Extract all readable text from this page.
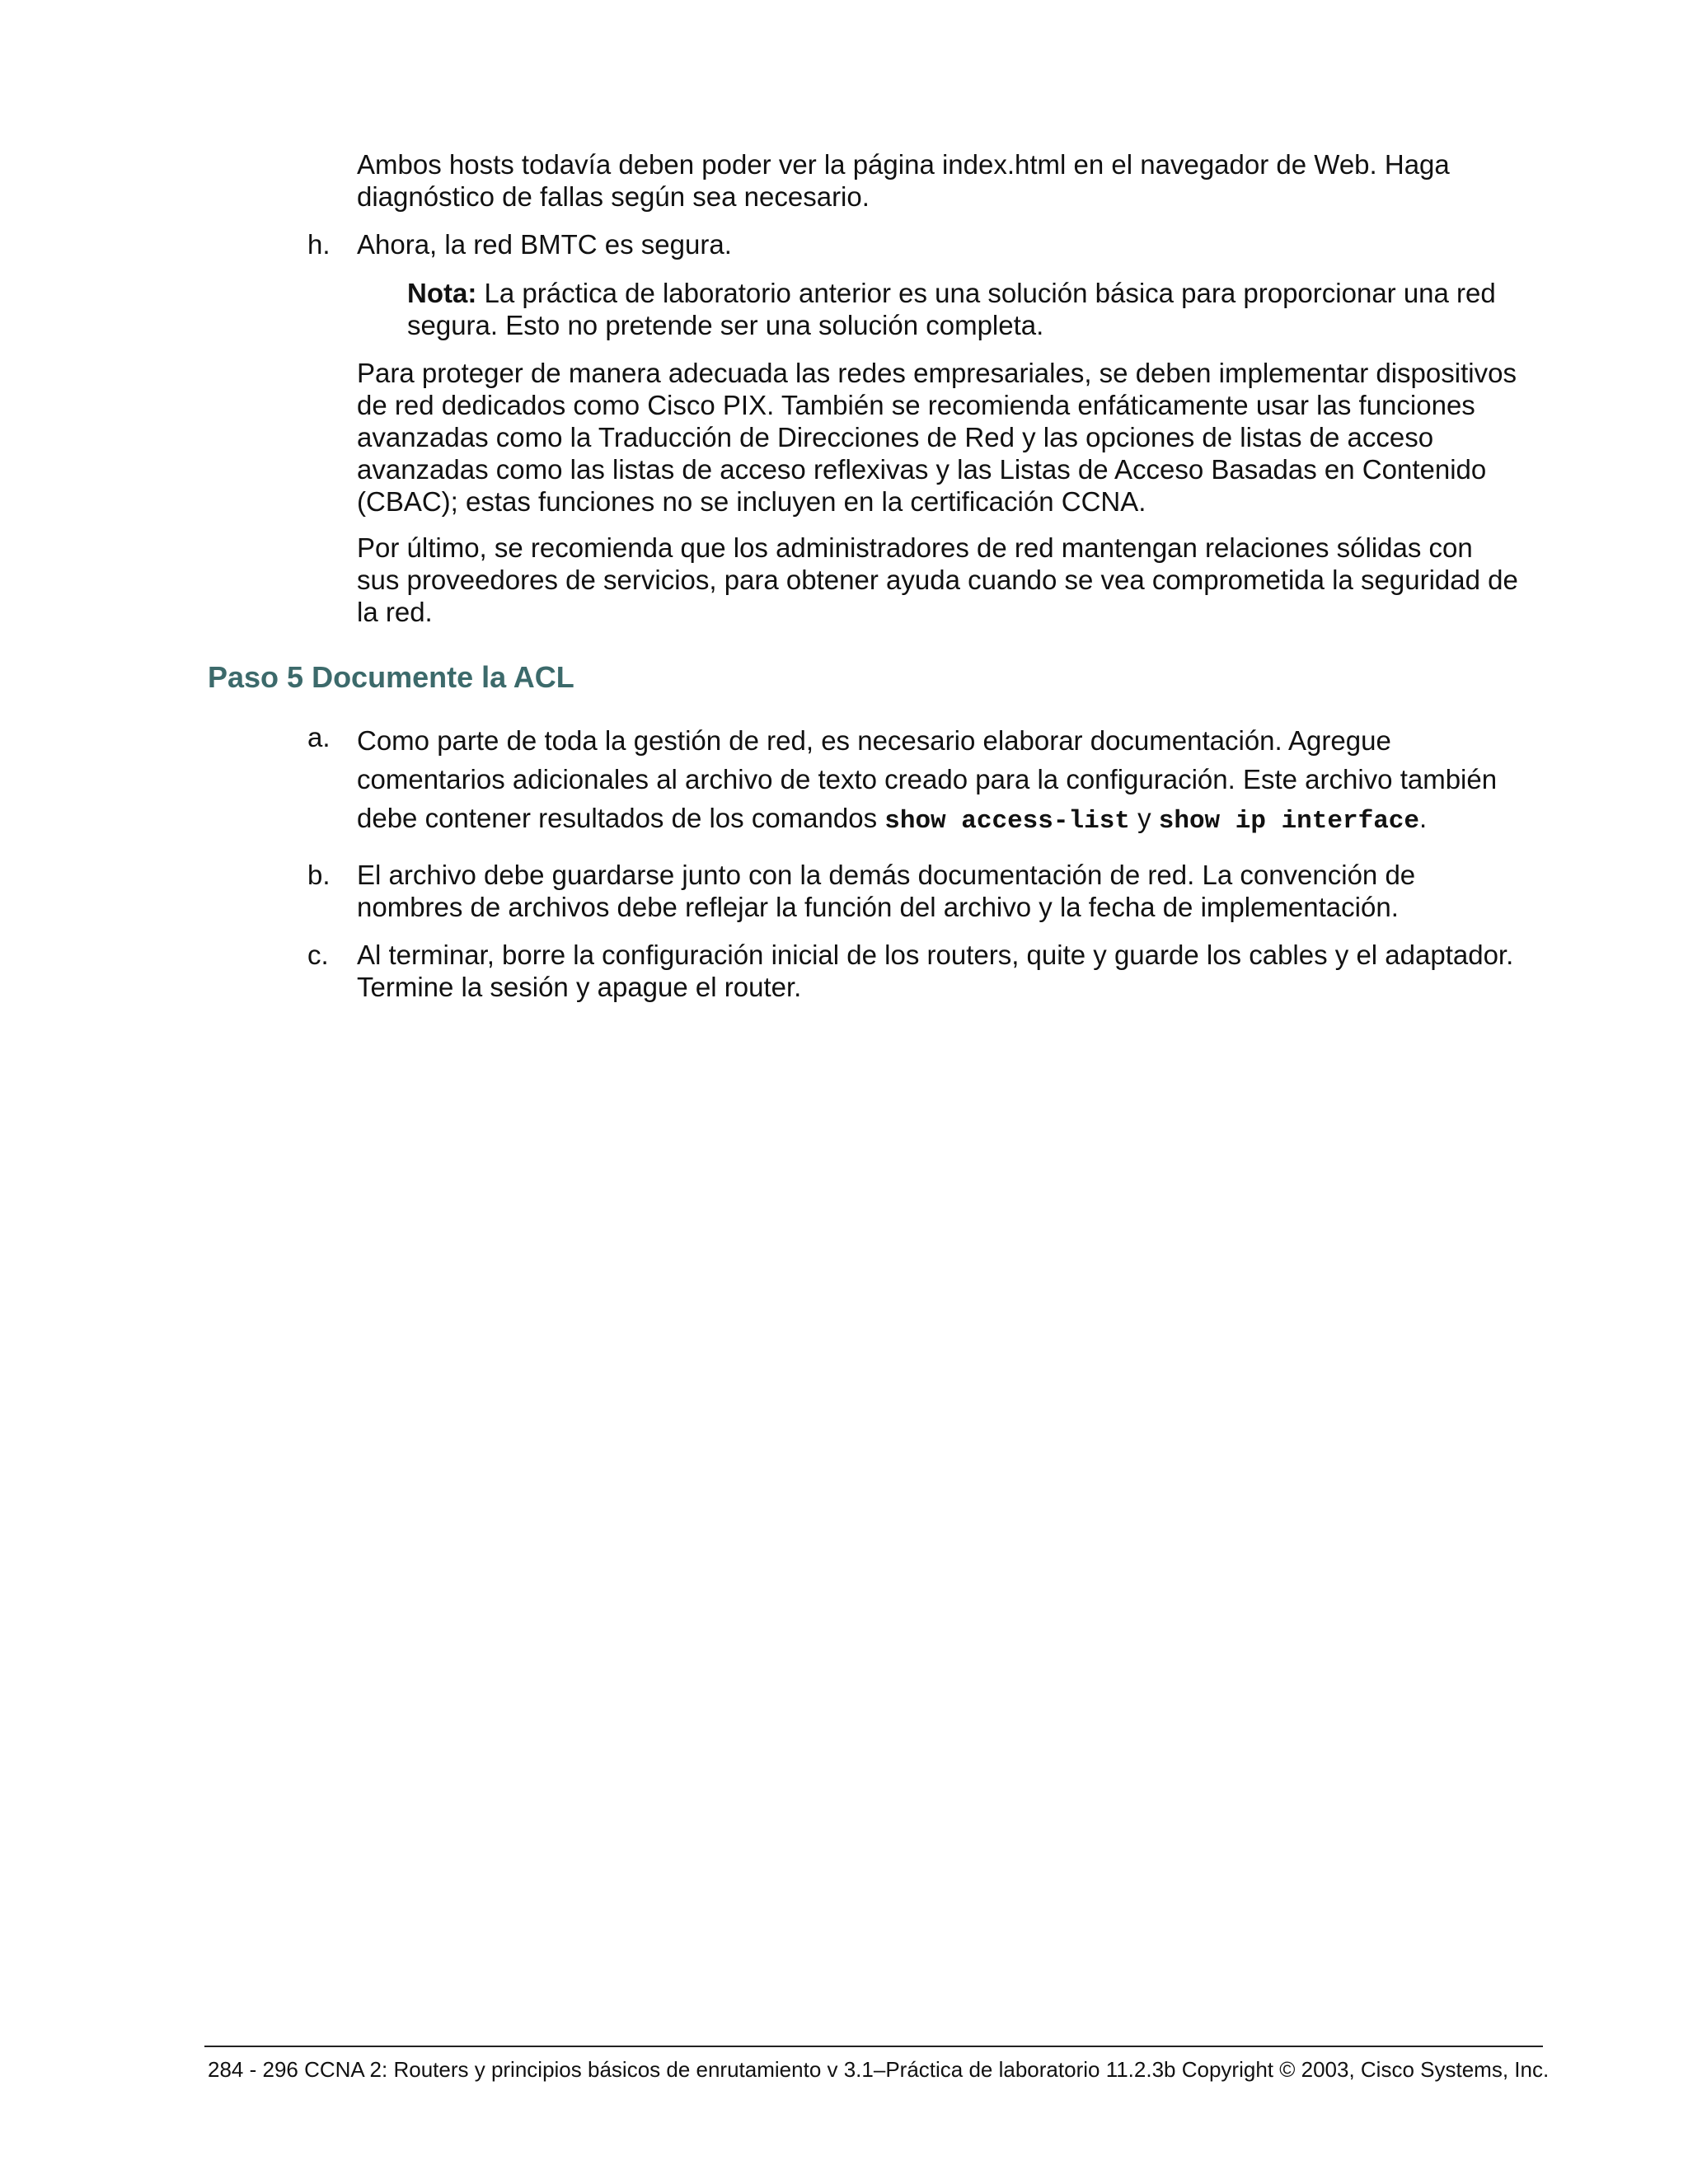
Ambos hosts todavía deben poder ver la página index.html en el navegador de Web. Haga
diagnóstico de fallas según sea necesario.

h. Ahora, la red BMTC es segura.

Nota: La práctica de laboratorio anterior es una solución básica para proporcionar una red
segura. Esto no pretende ser una solución completa.

Para proteger de manera adecuada las redes empresariales, se deben implementar dispositivos
de red dedicados como Cisco PIX. También se recomienda enfáticamente usar las funciones
avanzadas como la Traducción de Direcciones de Red y las opciones de listas de acceso
avanzadas como las listas de acceso reflexivas y las Listas de Acceso Basadas en Contenido
(CBAC); estas funciones no se incluyen en la certificación CCNA.

Por último, se recomienda que los administradores de red mantengan relaciones sólidas con
sus proveedores de servicios, para obtener ayuda cuando se vea comprometida la seguridad de
la red.

Paso 5 Documente la ACL
a. Como parte de toda la gestión de red, es necesario elaborar documentación. Agregue
comentarios adicionales al archivo de texto creado para la configuración. Este archivo también
debe contener resultados de los comandos show access-list y show ip interface.

b. El archivo debe guardarse junto con la demás documentación de red. La convención de
nombres de archivos debe reflejar la función del archivo y la fecha de implementación.

c. Al terminar, borre la configuración inicial de los routers, quite y guarde los cables y el adaptador.
Termine la sesión y apague el router.

284 - 296 CCNA 2: Routers y principios básicos de enrutamiento v 3.1–Práctica de laboratorio 11.2.3b Copyright © 2003, Cisco Systems, Inc.
